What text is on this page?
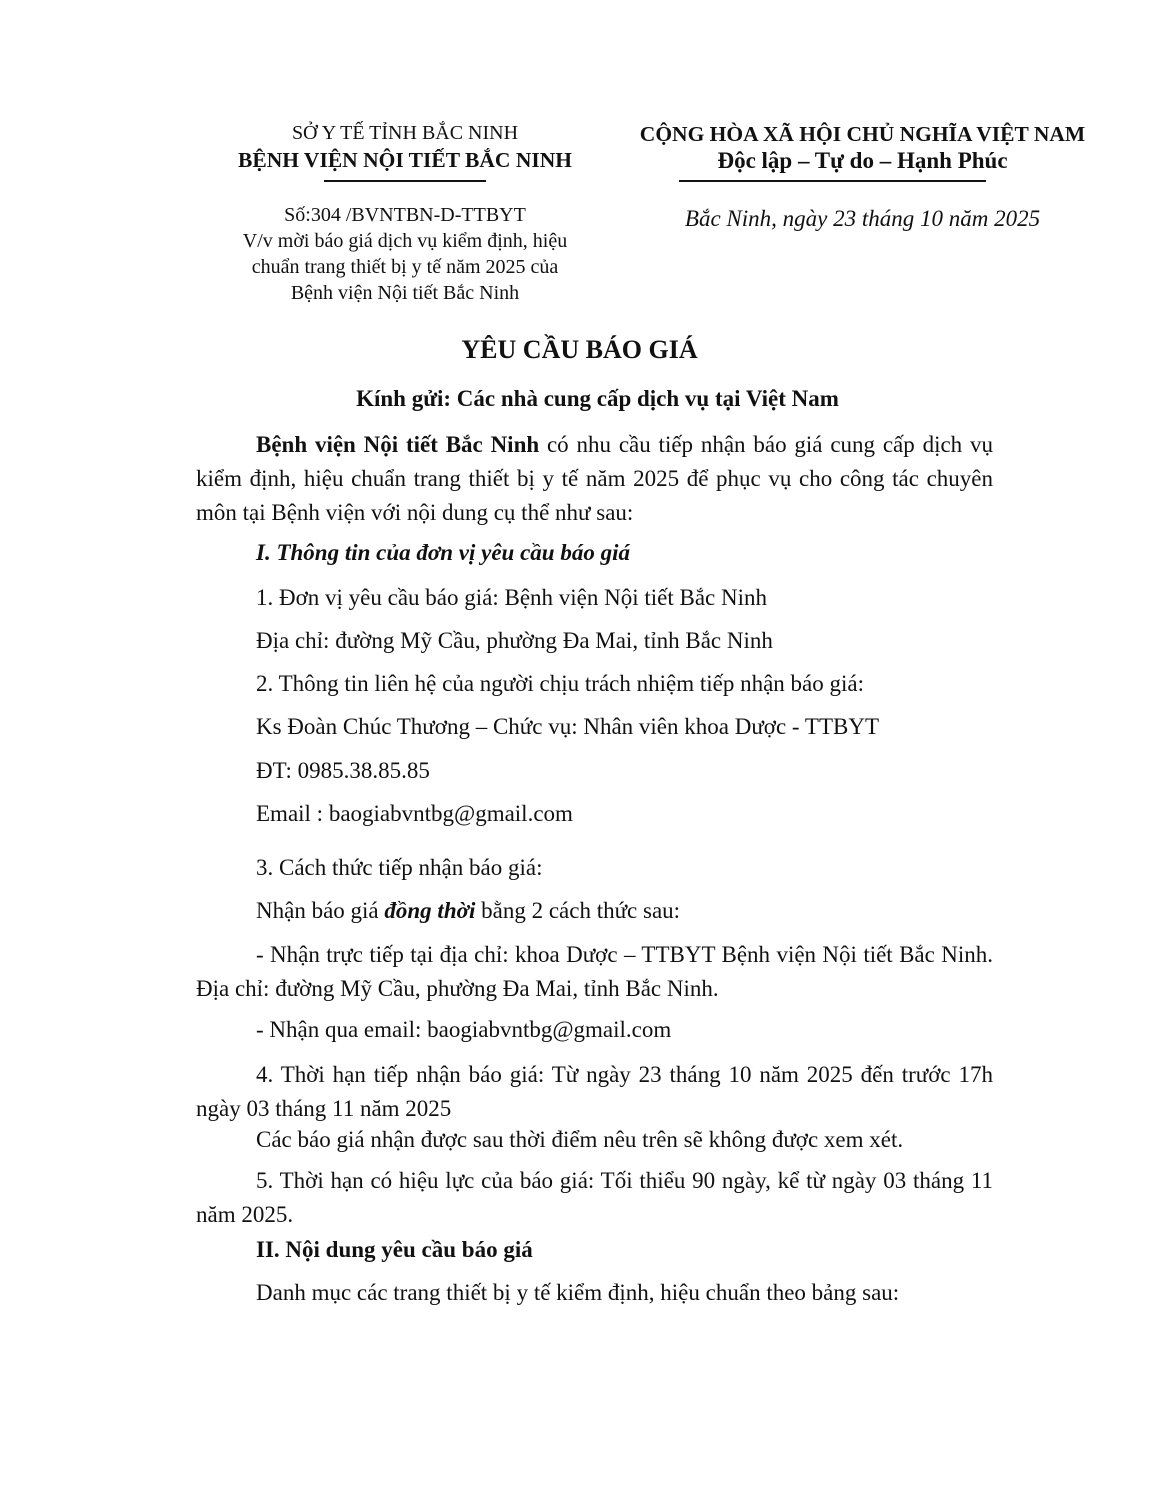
SỞ Y TẾ TỈNH BẮC NINH
BỆNH VIỆN NỘI TIẾT BẮC NINH
Số:304 /BVNTBN-D-TTBYT
V/v mời báo giá dịch vụ kiểm định, hiệu
chuẩn trang thiết bị y tế năm 2025 của
Bệnh viện Nội tiết Bắc Ninh
CỘNG HÒA XÃ HỘI CHỦ NGHĨA VIỆT NAM
Độc lập – Tự do – Hạnh Phúc
Bắc Ninh, ngày 23 tháng 10 năm 2025
YÊU CẦU BÁO GIÁ
Kính gửi: Các nhà cung cấp dịch vụ tại Việt Nam
Bệnh viện Nội tiết Bắc Ninh có nhu cầu tiếp nhận báo giá cung cấp dịch vụ kiểm định, hiệu chuẩn trang thiết bị y tế năm 2025 để phục vụ cho công tác chuyên môn tại Bệnh viện với nội dung cụ thể như sau:
I. Thông tin của đơn vị yêu cầu báo giá
1. Đơn vị yêu cầu báo giá: Bệnh viện Nội tiết Bắc Ninh
Địa chỉ: đường Mỹ Cầu, phường Đa Mai, tỉnh Bắc Ninh
2. Thông tin liên hệ của người chịu trách nhiệm tiếp nhận báo giá:
Ks Đoàn Chúc Thương – Chức vụ: Nhân viên khoa Dược - TTBYT
ĐT: 0985.38.85.85
Email : baogiabvntbg@gmail.com
3. Cách thức tiếp nhận báo giá:
Nhận báo giá đồng thời bằng 2 cách thức sau:
- Nhận trực tiếp tại địa chỉ: khoa Dược – TTBYT Bệnh viện Nội tiết Bắc Ninh. Địa chỉ: đường Mỹ Cầu, phường Đa Mai, tỉnh Bắc Ninh.
- Nhận qua email: baogiabvntbg@gmail.com
4. Thời hạn tiếp nhận báo giá: Từ ngày 23 tháng 10 năm 2025 đến trước 17h ngày 03 tháng 11 năm 2025
Các báo giá nhận được sau thời điểm nêu trên sẽ không được xem xét.
5. Thời hạn có hiệu lực của báo giá: Tối thiểu 90 ngày, kể từ ngày 03 tháng 11 năm 2025.
II. Nội dung yêu cầu báo giá
Danh mục các trang thiết bị y tế kiểm định, hiệu chuẩn theo bảng sau:
